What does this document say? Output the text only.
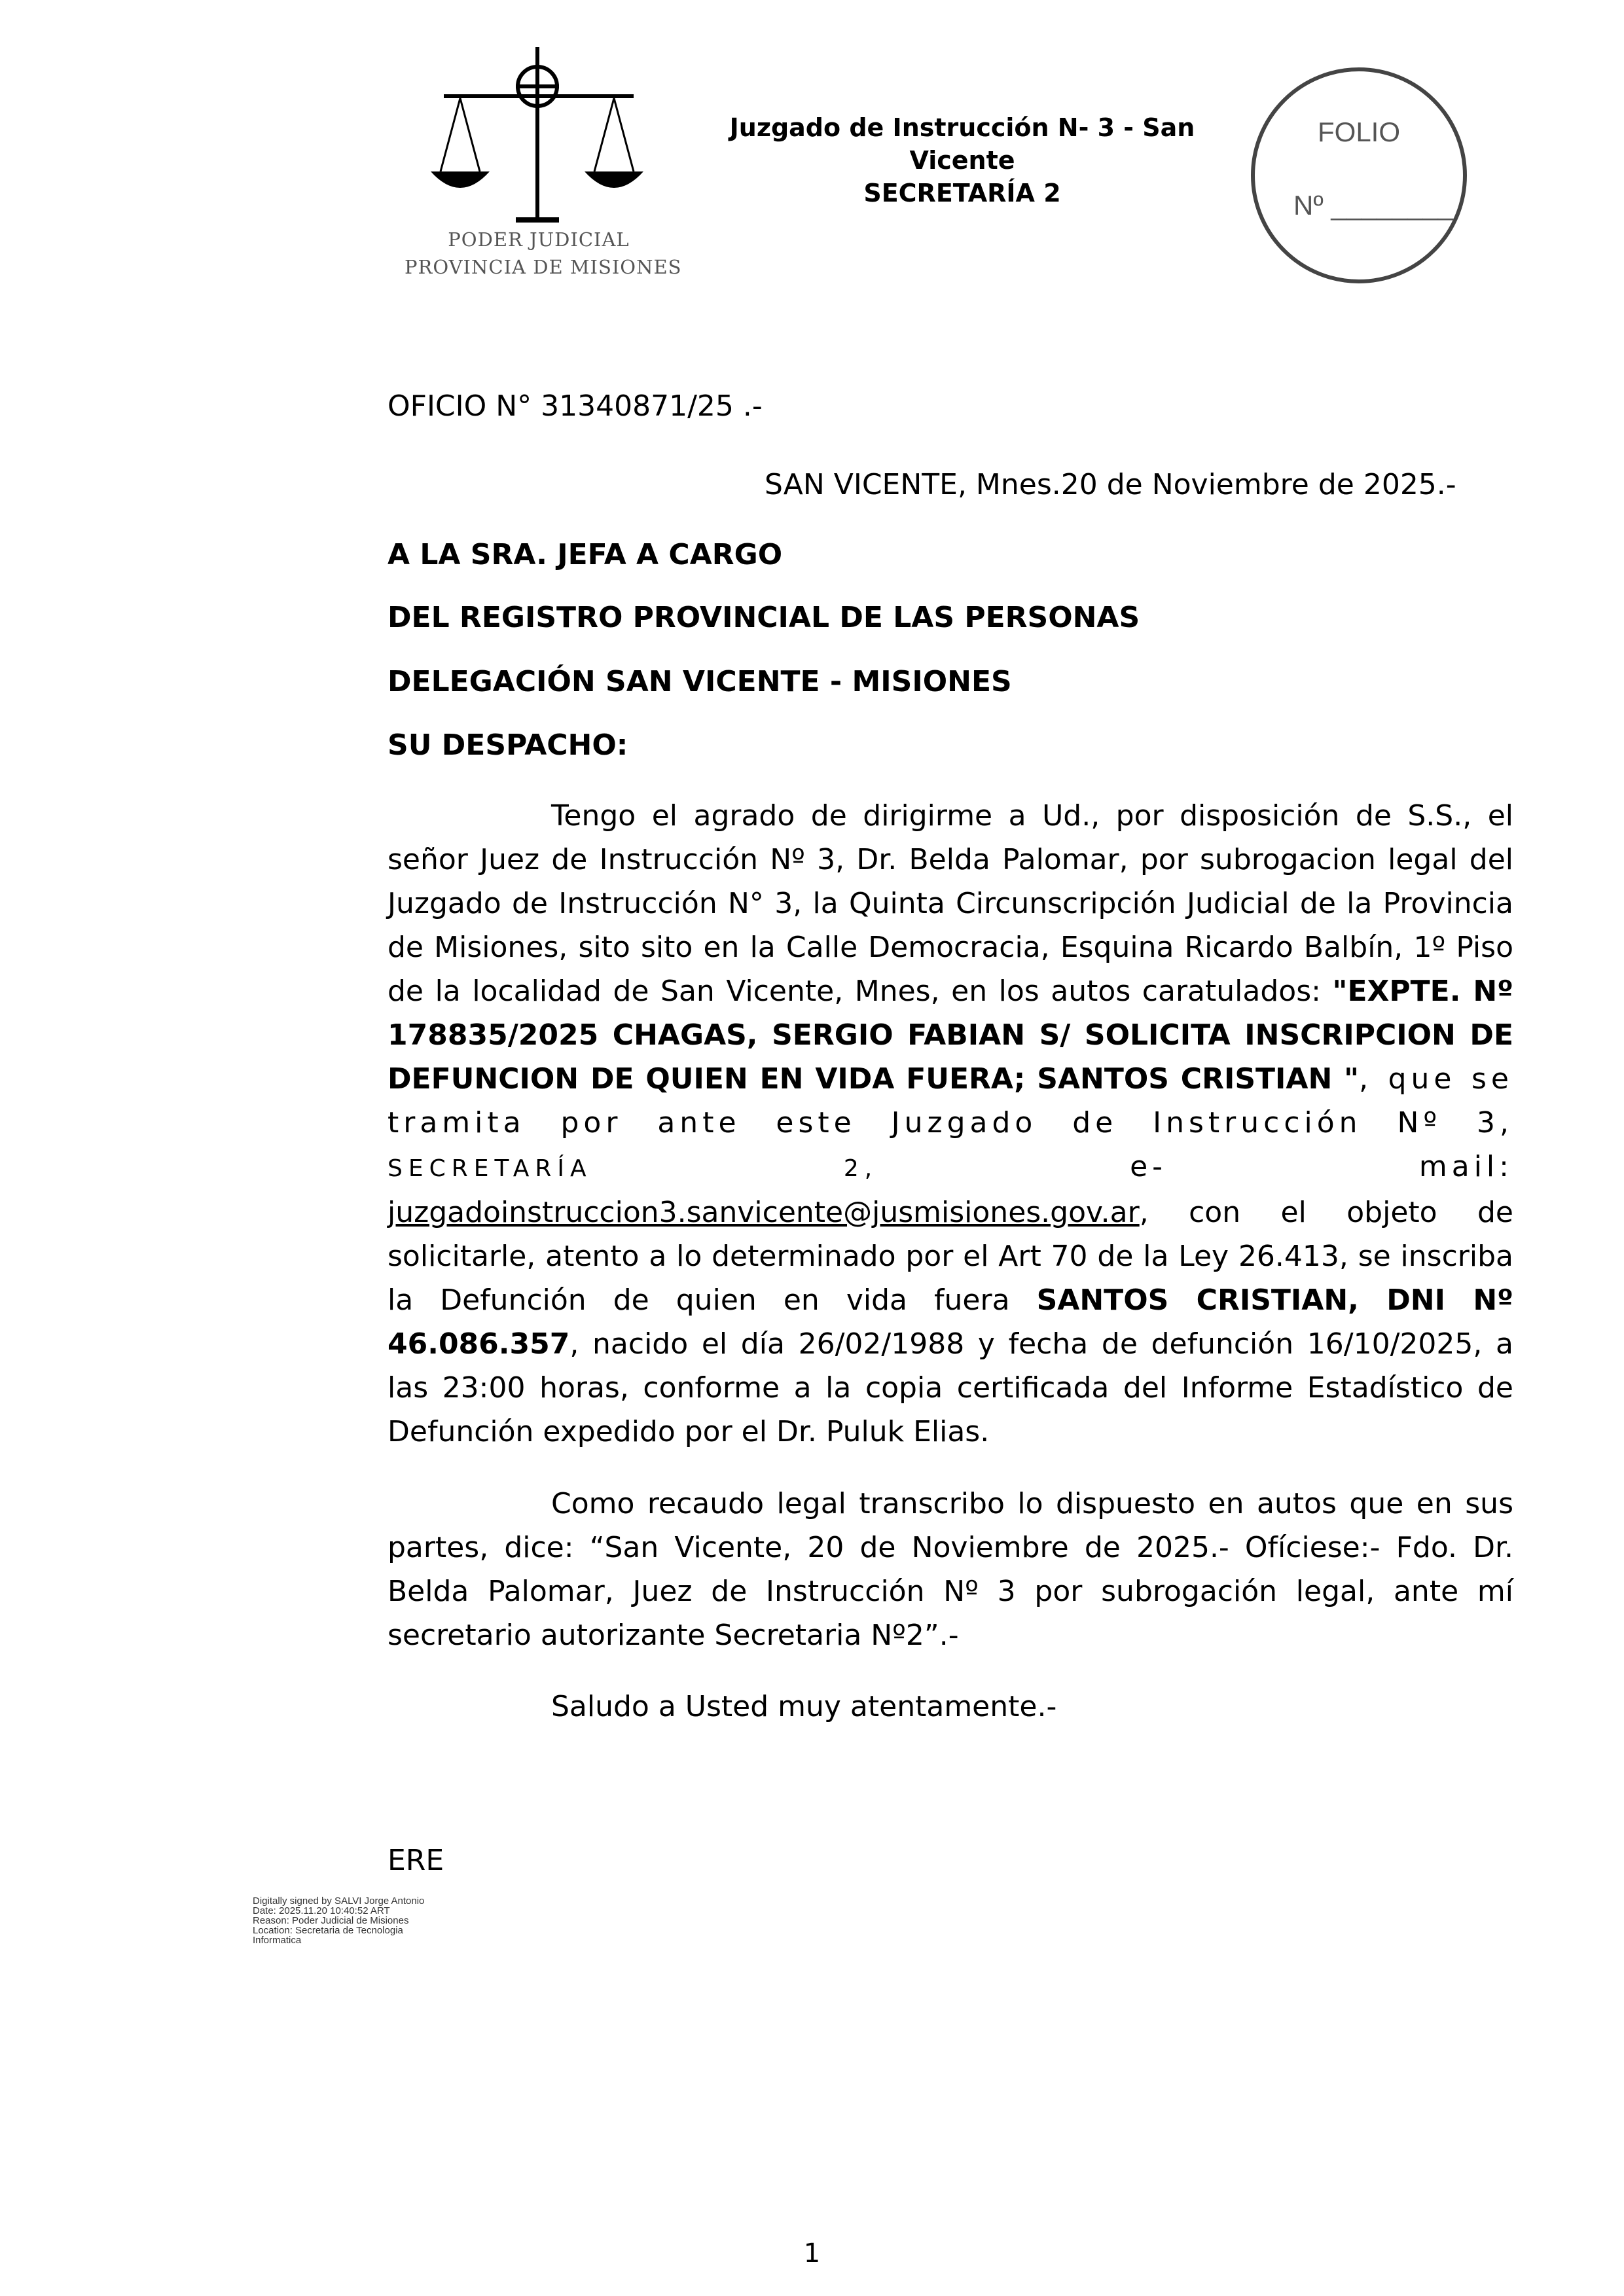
PODER JUDICIAL
PROVINCIA DE MISIONES
Juzgado de Instrucción N- 3 - San
Vicente
SECRETARÍA 2
FOLIO
Nº ________
OFICIO N° 31340871/25 .-
SAN VICENTE, Mnes.20 de Noviembre de 2025.-
A LA SRA. JEFA A CARGO
DEL REGISTRO PROVINCIAL DE LAS PERSONAS
DELEGACIÓN SAN VICENTE - MISIONES
SU DESPACHO:
Tengo el agrado de dirigirme a Ud., por disposición de S.S., el señor Juez de Instrucción Nº 3, Dr. Belda Palomar, por subrogacion legal del Juzgado de Instrucción N° 3, la Quinta Circunscripción Judicial de la Provincia de Misiones, sito sito en la Calle Democracia, Esquina Ricardo Balbín, 1º Piso de la localidad de San Vicente, Mnes, en los autos caratulados: "EXPTE. Nº 178835/2025 CHAGAS, SERGIO FABIAN S/ SOLICITA INSCRIPCION DE DEFUNCION DE QUIEN EN VIDA FUERA; SANTOS CRISTIAN ", que se tramita por ante este Juzgado de Instrucción Nº 3, SECRETARÍA 2, e- mail: juzgadoinstruccion3.sanvicente@jusmisiones.gov.ar, con el objeto de solicitarle, atento a lo determinado por el Art 70 de la Ley 26.413, se inscriba la Defunción de quien en vida fuera SANTOS CRISTIAN, DNI Nº 46.086.357, nacido el día 26/02/1988 y fecha de defunción 16/10/2025, a las 23:00 horas, conforme a la copia certificada del Informe Estadístico de Defunción expedido por el Dr. Puluk Elias.
Como recaudo legal transcribo lo dispuesto en autos que en sus partes, dice: “San Vicente, 20 de Noviembre de 2025.- Ofíciese:- Fdo. Dr. Belda Palomar, Juez de Instrucción Nº 3 por subrogación legal, ante mí secretario autorizante Secretaria Nº2”.-
Saludo a Usted muy atentamente.-
ERE
Digitally signed by SALVI Jorge Antonio
Date: 2025.11.20 10:40:52 ART
Reason: Poder Judicial de Misiones
Location: Secretaria de Tecnologia
Informatica
1
